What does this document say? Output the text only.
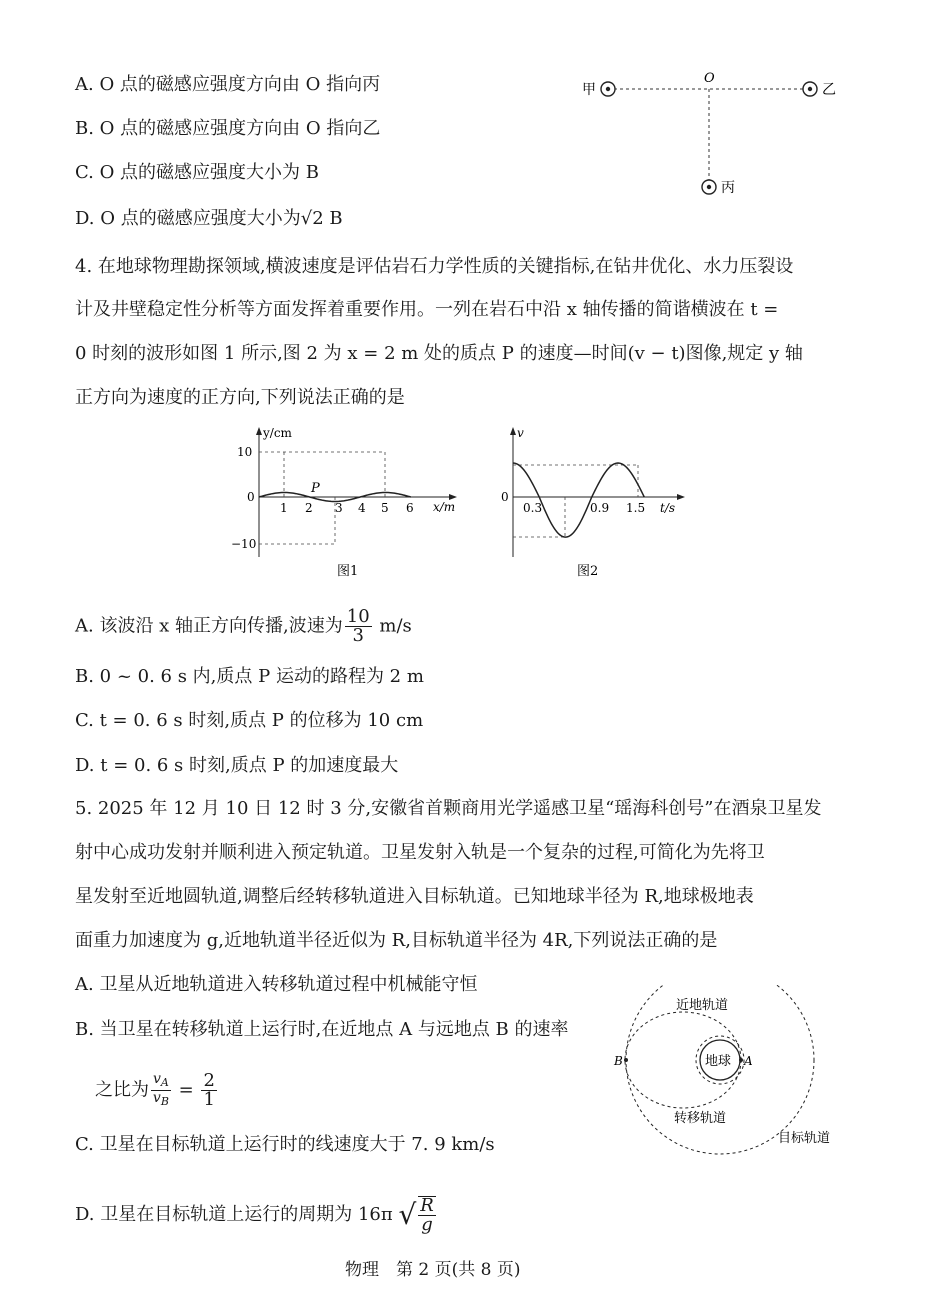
A. O 点的磁感应强度方向由 O 指向丙
B. O 点的磁感应强度方向由 O 指向乙
C. O 点的磁感应强度大小为 B
D. O 点的磁感应强度大小为√2 B
甲	乙
丙
O
4. 在地球物理勘探领域,横波速度是评估岩石力学性质的关键指标,在钻井优化、水力压裂设
计及井壁稳定性分析等方面发挥着重要作用。一列在岩石中沿 x 轴传播的简谐横波在 t =
0 时刻的波形如图 1 所示,图 2 为 x = 2 m 处的质点 P 的速度—时间(v − t)图像,规定 y 轴
正方向为速度的正方向,下列说法正确的是
y/cm
x/m
10
0
−10
1 2 3 4 5 6
P
图1
v
t/s
0
0.3	0.9 1.5
图2
A. 该波沿 x 轴正方向传播,波速为 $\frac{10}{3} m/s$
B. 0 ~ 0. 6 s 内,质点 P 运动的路程为 2 m
C. t = 0. 6 s 时刻,质点 P 的位移为 10 cm
D. t = 0. 6 s 时刻,质点 P 的加速度最大
5. 2025 年 12 月 10 日 12 时 3 分,安徽省首颗商用光学遥感卫星“瑶海科创号”在酒泉卫星发
射中心成功发射并顺利进入预定轨道。卫星发射入轨是一个复杂的过程,可简化为先将卫
星发射至近地圆轨道,调整后经转移轨道进入目标轨道。已知地球半径为 R,地球极地表
面重力加速度为 g,近地轨道半径近似为 R,目标轨道半径为 4R,下列说法正确的是
A. 卫星从近地轨道进入转移轨道过程中机械能守恒
B. 当卫星在转移轨道上运行时,在近地点 A 与远地点 B 的速率
之比为 $\frac{v_A}{v_B} = \frac{2}{1}$
C. 卫星在目标轨道上运行时的线速度大于 7. 9 km/s
D. 卫星在目标轨道上运行的周期为 16π √ $\frac{R}{g}$
地球 A
B
近地轨道
转移轨道
目标轨道
物理　第 2 页(共 8 页)
